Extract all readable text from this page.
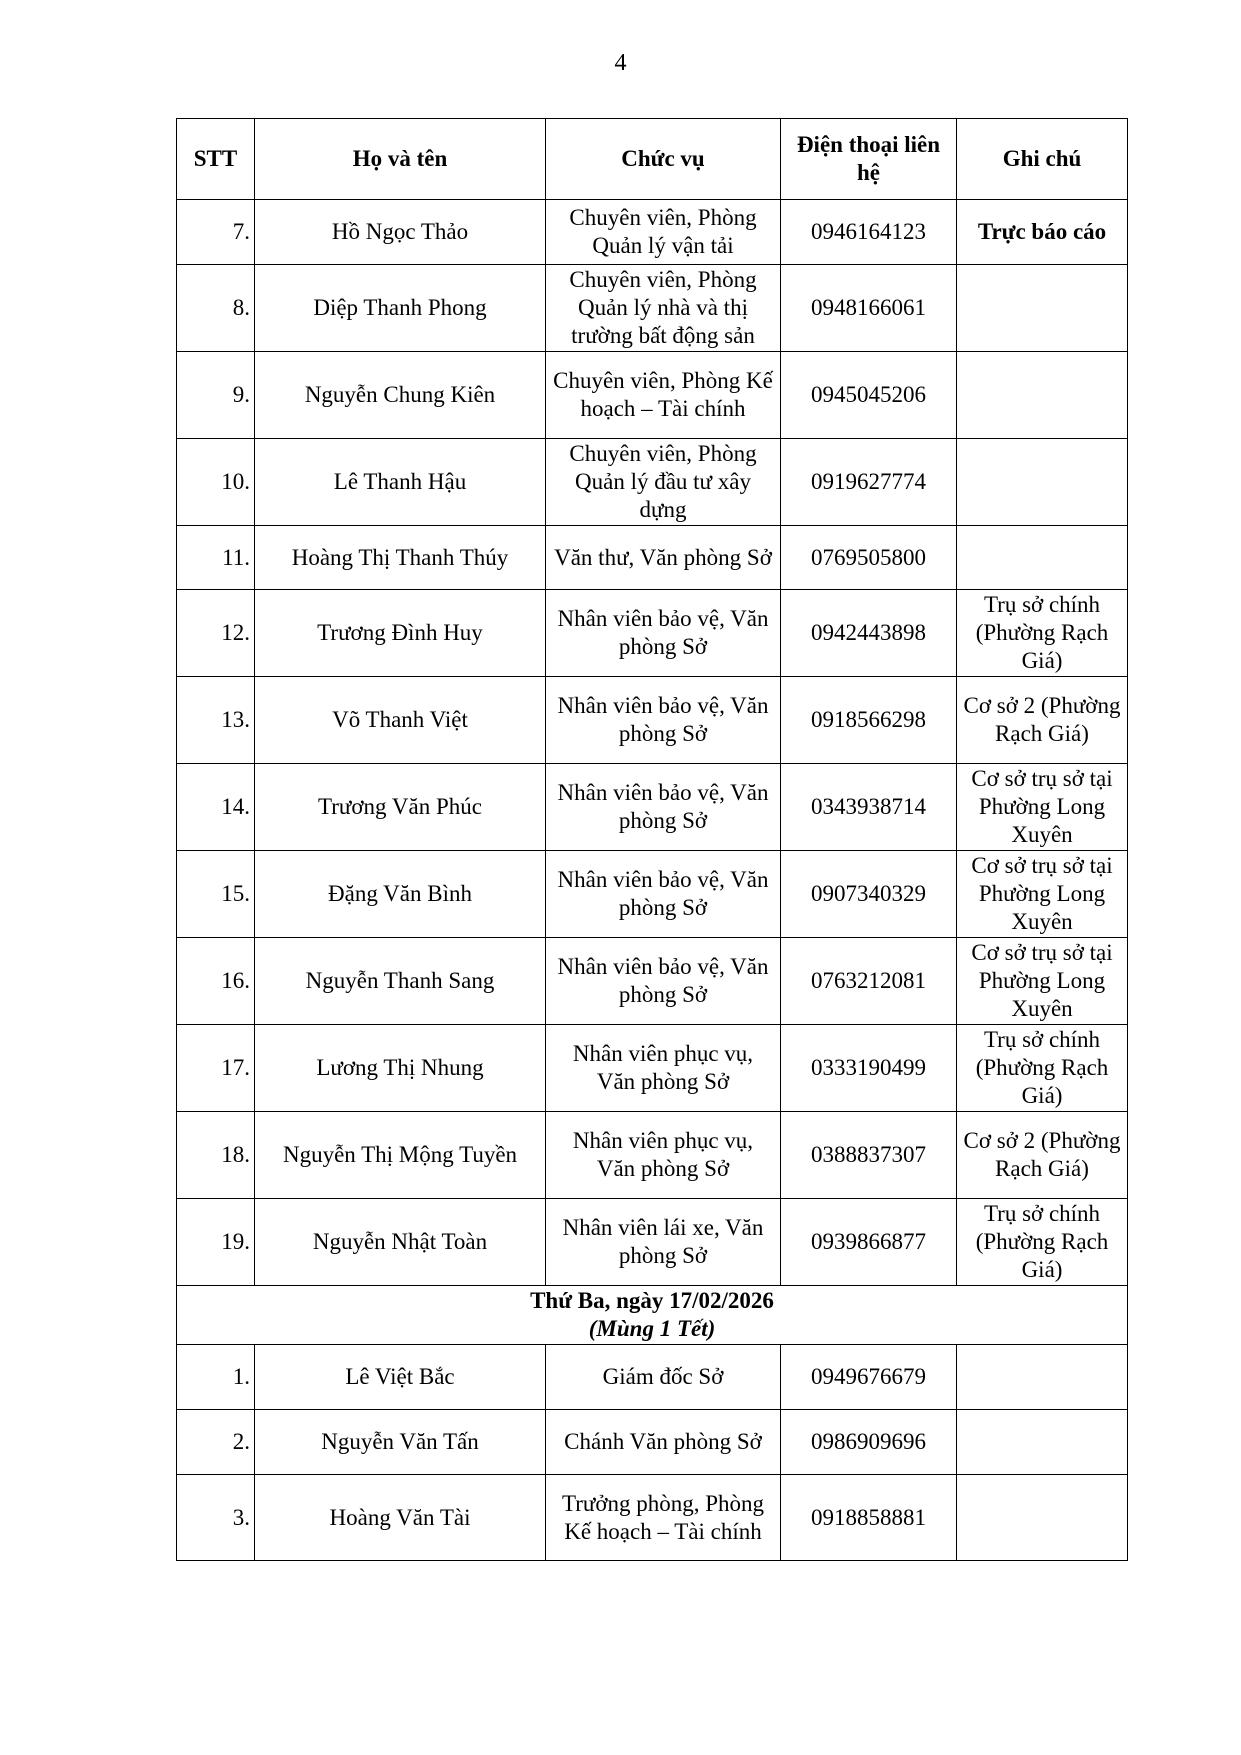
4
STT	Họ và tên	Chức vụ	Điện thoại liên hệ	Ghi chú
7.	Hồ Ngọc Thảo	Chuyên viên, Phòng Quản lý vận tải	0946164123	Trực báo cáo
8.	Diệp Thanh Phong	Chuyên viên, Phòng Quản lý nhà và thị trường bất động sản	0948166061	
9.	Nguyễn Chung Kiên	Chuyên viên, Phòng Kế hoạch – Tài chính	0945045206	
10.	Lê Thanh Hậu	Chuyên viên, Phòng Quản lý đầu tư xây dựng	0919627774	
11.	Hoàng Thị Thanh Thúy	Văn thư, Văn phòng Sở	0769505800	
12.	Trương Đình Huy	Nhân viên bảo vệ, Văn phòng Sở	0942443898	Trụ sở chính (Phường Rạch Giá)
13.	Võ Thanh Việt	Nhân viên bảo vệ, Văn phòng Sở	0918566298	Cơ sở 2 (Phường Rạch Giá)
14.	Trương Văn Phúc	Nhân viên bảo vệ, Văn phòng Sở	0343938714	Cơ sở trụ sở tại Phường Long Xuyên
15.	Đặng Văn Bình	Nhân viên bảo vệ, Văn phòng Sở	0907340329	Cơ sở trụ sở tại Phường Long Xuyên
16.	Nguyễn Thanh Sang	Nhân viên bảo vệ, Văn phòng Sở	0763212081	Cơ sở trụ sở tại Phường Long Xuyên
17.	Lương Thị Nhung	Nhân viên phục vụ, Văn phòng Sở	0333190499	Trụ sở chính (Phường Rạch Giá)
18.	Nguyễn Thị Mộng Tuyền	Nhân viên phục vụ, Văn phòng Sở	0388837307	Cơ sở 2 (Phường Rạch Giá)
19.	Nguyễn Nhật Toàn	Nhân viên lái xe, Văn phòng Sở	0939866877	Trụ sở chính (Phường Rạch Giá)
Thứ Ba, ngày 17/02/2026
(Mùng 1 Tết)				

1.	Lê Việt Bắc	Giám đốc Sở	0949676679	
2.	Nguyễn Văn Tấn	Chánh Văn phòng Sở	0986909696	
3.	Hoàng Văn Tài	Trưởng phòng, Phòng Kế hoạch – Tài chính	0918858881	
